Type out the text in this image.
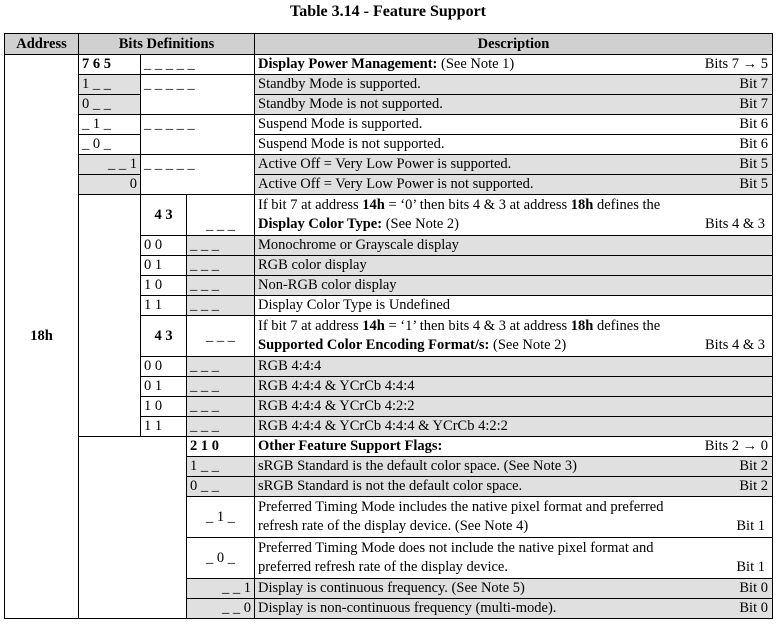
Table 3.14 - Feature Support
Address	Bits Definitions			Description
18h	7 6 5	_ _ _ _ _		Display Power Management: (See Note 1) Bits 7 → 5

	1 _ _	_ _ _ _ _		Standby Mode is supported. Bit 7

	0 _ _			Standby Mode is not supported. Bit 7

	_ 1 _	_ _ _ _ _		Suspend Mode is supported. Bit 6

	_ 0 _			Suspend Mode is not supported. Bit 6

	_ _ 1	_ _ _ _ _		Active Off = Very Low Power is supported. Bit 5

	0			Active Off = Very Low Power is not supported. Bit 5

		4 3	_ _ _	If bit 7 at address 14h = ‘0’ then bits 4 & 3 at address 18h defines the
Display Color Type: (See Note 2) Bits 4 & 3

		0 0	_ _ _	Monochrome or Grayscale display
		0 1	_ _ _	RGB color display
		1 0	_ _ _	Non-RGB color display
		1 1	_ _ _	Display Color Type is Undefined
		4 3	_ _ _	If bit 7 at address 14h = ‘1’ then bits 4 & 3 at address 18h defines the
Supported Color Encoding Format/s: (See Note 2) Bits 4 & 3

		0 0	_ _ _	RGB 4:4:4
		0 1	_ _ _	RGB 4:4:4 & YCrCb 4:4:4
		1 0	_ _ _	RGB 4:4:4 & YCrCb 4:2:2
		1 1	_ _ _	RGB 4:4:4 & YCrCb 4:4:4 & YCrCb 4:2:2
			2 1 0	Other Feature Support Flags: Bits 2 → 0

			1 _ _	sRGB Standard is the default color space. (See Note 3) Bit 2

			0 _ _	sRGB Standard is not the default color space. Bit 2

			_ 1 _	Preferred Timing Mode includes the native pixel format and preferred
refresh rate of the display device. (See Note 4) Bit 1

			_ 0 _	Preferred Timing Mode does not include the native pixel format and
preferred refresh rate of the display device. Bit 1

			_ _ 1	Display is continuous frequency. (See Note 5) Bit 0

			_ _ 0	Display is non-continuous frequency (multi-mode). Bit 0
